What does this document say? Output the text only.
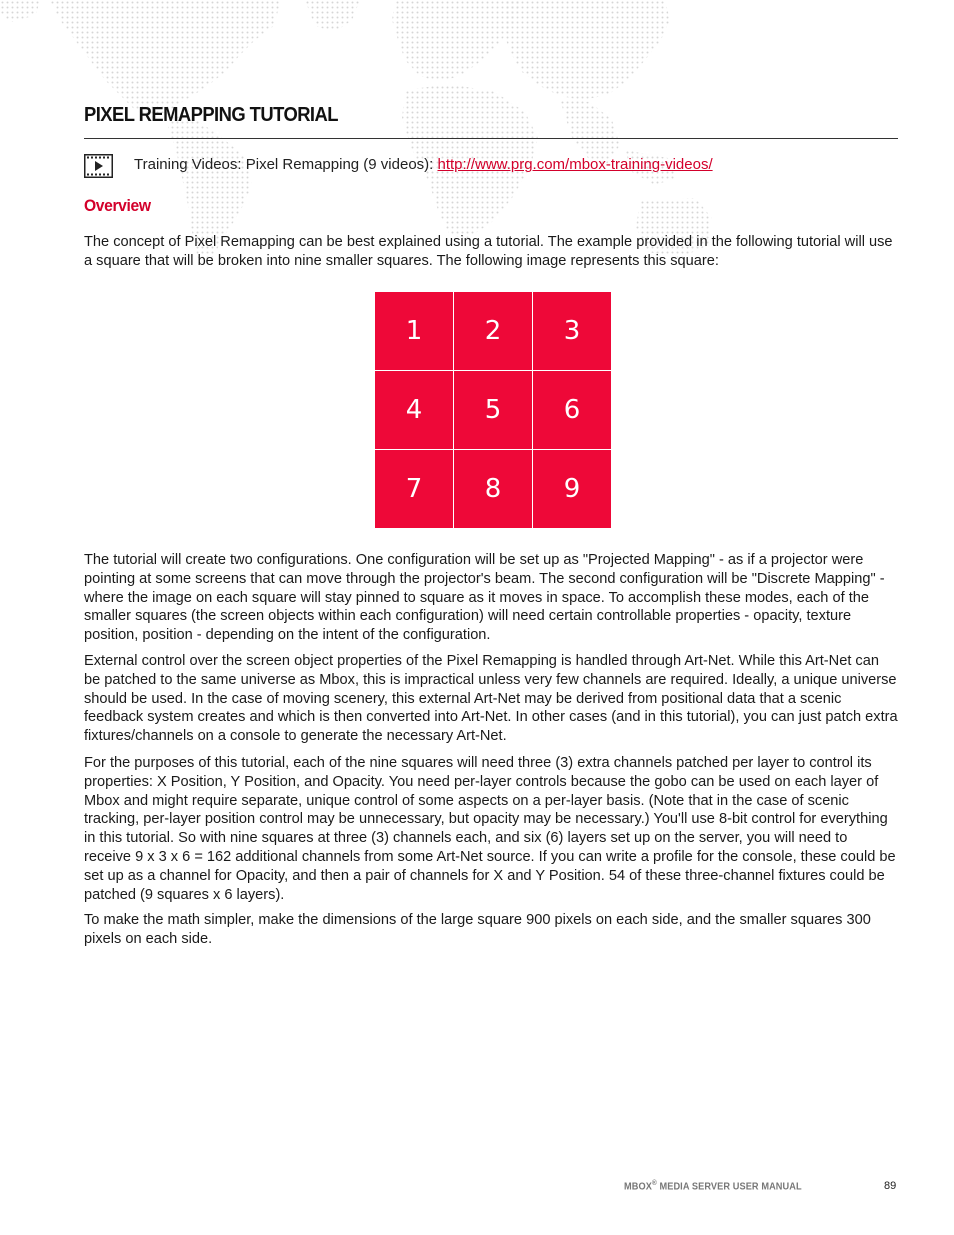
PIXEL REMAPPING TUTORIAL
Training Videos: Pixel Remapping (9 videos): http://www.prg.com/mbox-training-videos/
Overview

The concept of Pixel Remapping can be best explained using a tutorial. The example provided in the following tutorial will use a square that will be broken into nine smaller squares. The following image represents this square:

The tutorial will create two configurations. One configuration will be set up as "Projected Mapping" - as if a projector were pointing at some screens that can move through the projector's beam. The second configuration will be "Discrete Mapping" - where the image on each square will stay pinned to square as it moves in space. To accomplish these modes, each of the smaller squares (the screen objects within each configuration) will need certain controllable properties - opacity, texture position, position - depending on the intent of the configuration.

External control over the screen object properties of the Pixel Remapping is handled through Art-Net. While this Art-Net can be patched to the same universe as Mbox, this is impractical unless very few channels are required. Ideally, a unique universe should be used. In the case of moving scenery, this external Art-Net may be derived from positional data that a scenic feedback system creates and which is then converted into Art-Net. In other cases (and in this tutorial), you can just patch extra fixtures/channels on a console to generate the necessary Art-Net.

For the purposes of this tutorial, each of the nine squares will need three (3) extra channels patched per layer to control its properties: X Position, Y Position, and Opacity. You need per-layer controls because the gobo can be used on each layer of Mbox and might require separate, unique control of some aspects on a per-layer basis. (Note that in the case of scenic tracking, per-layer position control may be unnecessary, but opacity may be necessary.) You'll use 8-bit control for everything in this tutorial. So with nine squares at three (3) channels each, and six (6) layers set up on the server, you will need to receive 9 x 3 x 6 = 162 additional channels from some Art-Net source. If you can write a profile for the console, these could be set up as a channel for Opacity, and then a pair of channels for X and Y Position. 54 of these three-channel fixtures could be patched (9 squares x 6 layers).

To make the math simpler, make the dimensions of the large square 900 pixels on each side, and the smaller squares 300 pixels on each side.

1	2	3
4	5	6
7	8	9
MBOX® MEDIA SERVER USER MANUAL	89
